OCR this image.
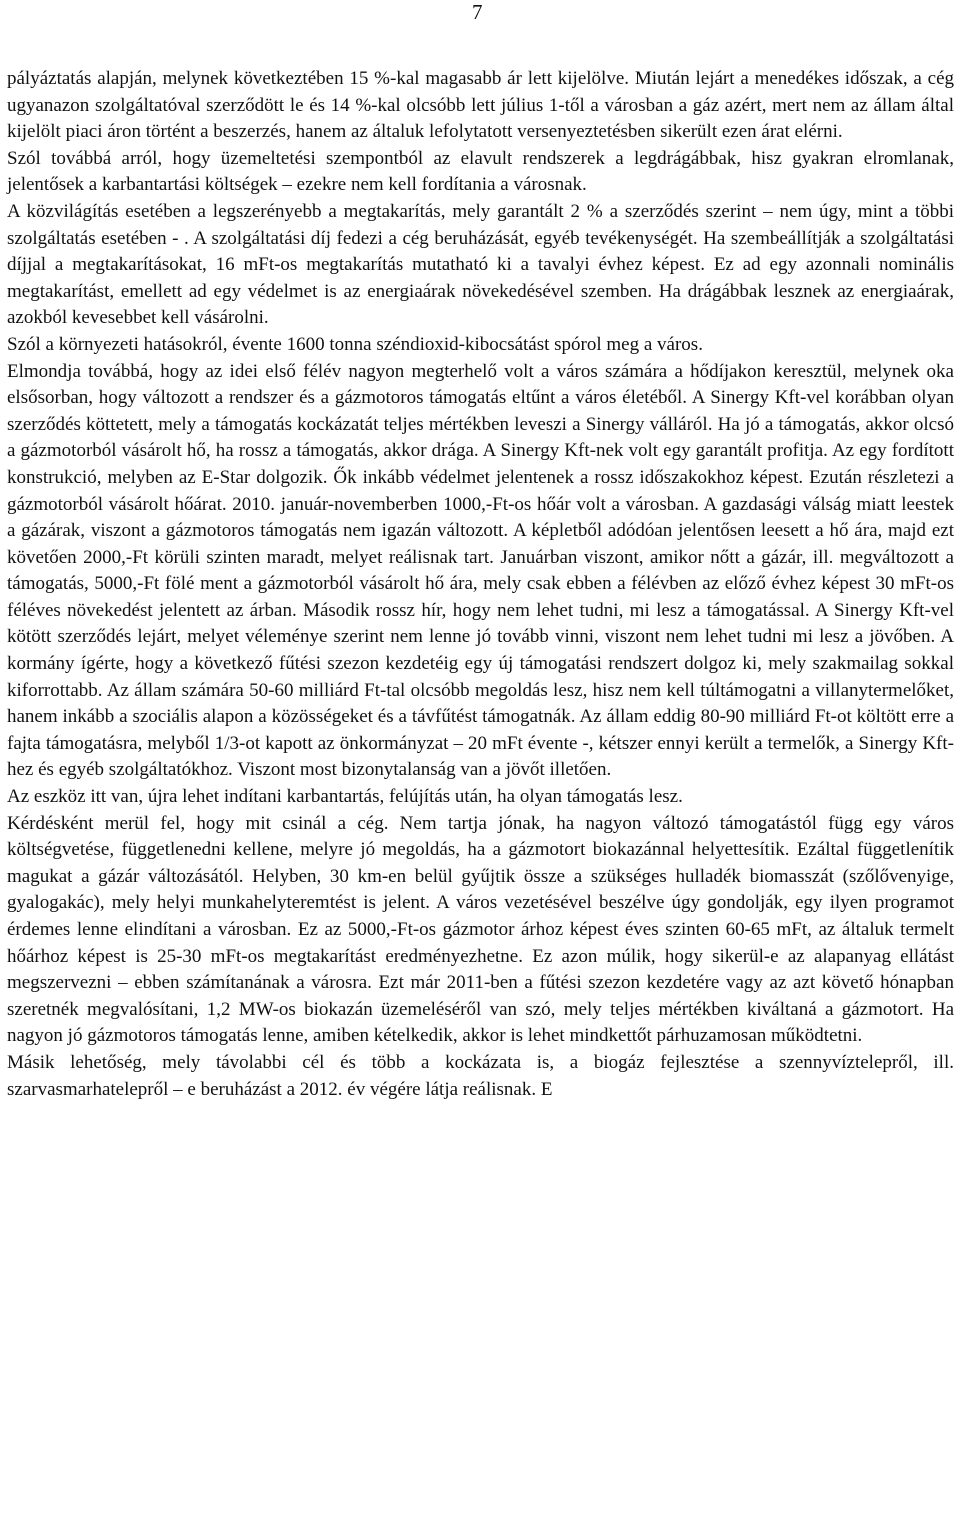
7

pályáztatás alapján, melynek következtében 15 %-kal magasabb ár lett kijelölve. Miután lejárt a menedékes időszak, a cég ugyanazon szolgáltatóval szerződött le és 14 %-kal olcsóbb lett július 1-től a városban a gáz azért, mert nem az állam által kijelölt piaci áron történt a beszerzés, hanem az általuk lefolytatott versenyeztetésben sikerült ezen árat elérni.

Szól továbbá arról, hogy üzemeltetési szempontból az elavult rendszerek a legdrágábbak, hisz gyakran elromlanak, jelentősek a karbantartási költségek – ezekre nem kell fordítania a városnak.

A közvilágítás esetében a legszerényebb a megtakarítás, mely garantált 2 % a szerződés szerint – nem úgy, mint a többi szolgáltatás esetében - . A szolgáltatási díj fedezi a cég beruházását, egyéb tevékenységét. Ha szembeállítják a szolgáltatási díjjal a megtakarításokat, 16 mFt-os megtakarítás mutatható ki a tavalyi évhez képest. Ez ad egy azonnali nominális megtakarítást, emellett ad egy védelmet is az energiaárak növekedésével szemben. Ha drágábbak lesznek az energiaárak, azokból kevesebbet kell vásárolni.

Szól a környezeti hatásokról, évente 1600 tonna széndioxid-kibocsátást spórol meg a város.

Elmondja továbbá, hogy az idei első félév nagyon megterhelő volt a város számára a hődíjakon keresztül, melynek oka elsősorban, hogy változott a rendszer és a gázmotoros támogatás eltűnt a város életéből. A Sinergy Kft-vel korábban olyan szerződés köttetett, mely a támogatás kockázatát teljes mértékben leveszi a Sinergy válláról. Ha jó a támogatás, akkor olcsó a gázmotorból vásárolt hő, ha rossz a támogatás, akkor drága. A Sinergy Kft-nek volt egy garantált profitja. Az egy fordított konstrukció, melyben az E-Star dolgozik. Ők inkább védelmet jelentenek a rossz időszakokhoz képest. Ezután részletezi a gázmotorból vásárolt hőárat. 2010. január-novemberben 1000,-Ft-os hőár volt a városban. A gazdasági válság miatt leestek a gázárak, viszont a gázmotoros támogatás nem igazán változott. A képletből adódóan jelentősen leesett a hő ára, majd ezt követően 2000,-Ft körüli szinten maradt, melyet reálisnak tart. Januárban viszont, amikor nőtt a gázár, ill. megváltozott a támogatás, 5000,-Ft fölé ment a gázmotorból vásárolt hő ára, mely csak ebben a félévben az előző évhez képest 30 mFt-os féléves növekedést jelentett az árban. Második rossz hír, hogy nem lehet tudni, mi lesz a támogatással. A Sinergy Kft-vel kötött szerződés lejárt, melyet véleménye szerint nem lenne jó tovább vinni, viszont nem lehet tudni mi lesz a jövőben. A kormány ígérte, hogy a következő fűtési szezon kezdetéig egy új támogatási rendszert dolgoz ki, mely szakmailag sokkal kiforrottabb. Az állam számára 50-60 milliárd Ft-tal olcsóbb megoldás lesz, hisz nem kell túltámogatni a villanytermelőket, hanem inkább a szociális alapon a közösségeket és a távfűtést támogatnák. Az állam eddig 80-90 milliárd Ft-ot költött erre a fajta támogatásra, melyből 1/3-ot kapott az önkormányzat – 20 mFt évente -, kétszer ennyi került a termelők, a Sinergy Kft-hez és egyéb szolgáltatókhoz. Viszont most bizonytalanság van a jövőt illetően.

Az eszköz itt van, újra lehet indítani karbantartás, felújítás után, ha olyan támogatás lesz.

Kérdésként merül fel, hogy mit csinál a cég. Nem tartja jónak, ha nagyon változó támogatástól függ egy város költségvetése, függetlenedni kellene, melyre jó megoldás, ha a gázmotort biokazánnal helyettesítik. Ezáltal függetlenítik magukat a gázár változásától. Helyben, 30 km-en belül gyűjtik össze a szükséges hulladék biomasszát (szőlővenyige, gyalogakác), mely helyi munkahelyteremtést is jelent. A város vezetésével beszélve úgy gondolják, egy ilyen programot érdemes lenne elindítani a városban. Ez az 5000,-Ft-os gázmotor árhoz képest éves szinten 60-65 mFt, az általuk termelt hőárhoz képest is 25-30 mFt-os megtakarítást eredményezhetne. Ez azon múlik, hogy sikerül-e az alapanyag ellátást megszervezni – ebben számítanának a városra. Ezt már 2011-ben a fűtési szezon kezdetére vagy az azt követő hónapban szeretnék megvalósítani, 1,2 MW-os biokazán üzemeléséről van szó, mely teljes mértékben kiváltaná a gázmotort. Ha nagyon jó gázmotoros támogatás lenne, amiben kételkedik, akkor is lehet mindkettőt párhuzamosan működtetni.

Másik lehetőség, mely távolabbi cél és több a kockázata is, a biogáz fejlesztése a szennyvíztelepről, ill. szarvasmarhatelepről – e beruházást a 2012. év végére látja reálisnak. E
